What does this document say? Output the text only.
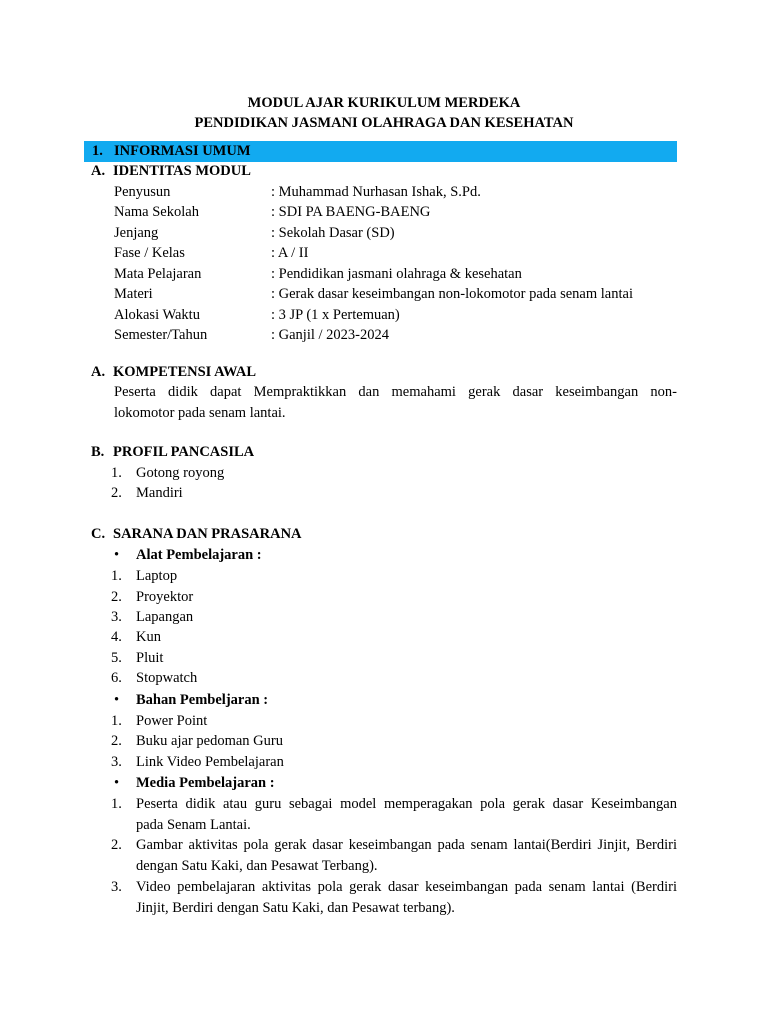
MODUL AJAR KURIKULUM MERDEKA
PENDIDIKAN JASMANI OLAHRAGA DAN KESEHATAN
1. INFORMASI UMUM
A. IDENTITAS MODUL
Penyusun	: Muhammad Nurhasan Ishak, S.Pd.
Nama Sekolah	: SDI PA BAENG-BAENG
Jenjang	: Sekolah Dasar (SD)
Fase / Kelas	: A / II
Mata Pelajaran	: Pendidikan jasmani olahraga & kesehatan
Materi	: Gerak dasar keseimbangan non-lokomotor pada senam lantai
Alokasi Waktu	: 3 JP (1 x Pertemuan)
Semester/Tahun	: Ganjil / 2023-2024
A. KOMPETENSI AWAL
Peserta didik dapat Mempraktikkan dan memahami gerak dasar keseimbangan non-
lokomotor pada senam lantai.
B. PROFIL PANCASILA
1. Gotong royong
2. Mandiri
C. SARANA DAN PRASARANA
• Alat Pembelajaran :
1. Laptop
2. Proyektor
3. Lapangan
4. Kun
5. Pluit
6. Stopwatch
• Bahan Pembeljaran :
1. Power Point
2. Buku ajar pedoman Guru
3. Link Video Pembelajaran
• Media Pembelajaran :
1. Peserta didik atau guru sebagai model memperagakan pola gerak dasar Keseimbangan
pada Senam Lantai.
2. Gambar aktivitas pola gerak dasar keseimbangan pada senam lantai(Berdiri Jinjit, Berdiri
dengan Satu Kaki, dan Pesawat Terbang).
3. Video pembelajaran aktivitas pola gerak dasar keseimbangan pada senam lantai (Berdiri
Jinjit, Berdiri dengan Satu Kaki, dan Pesawat terbang).
